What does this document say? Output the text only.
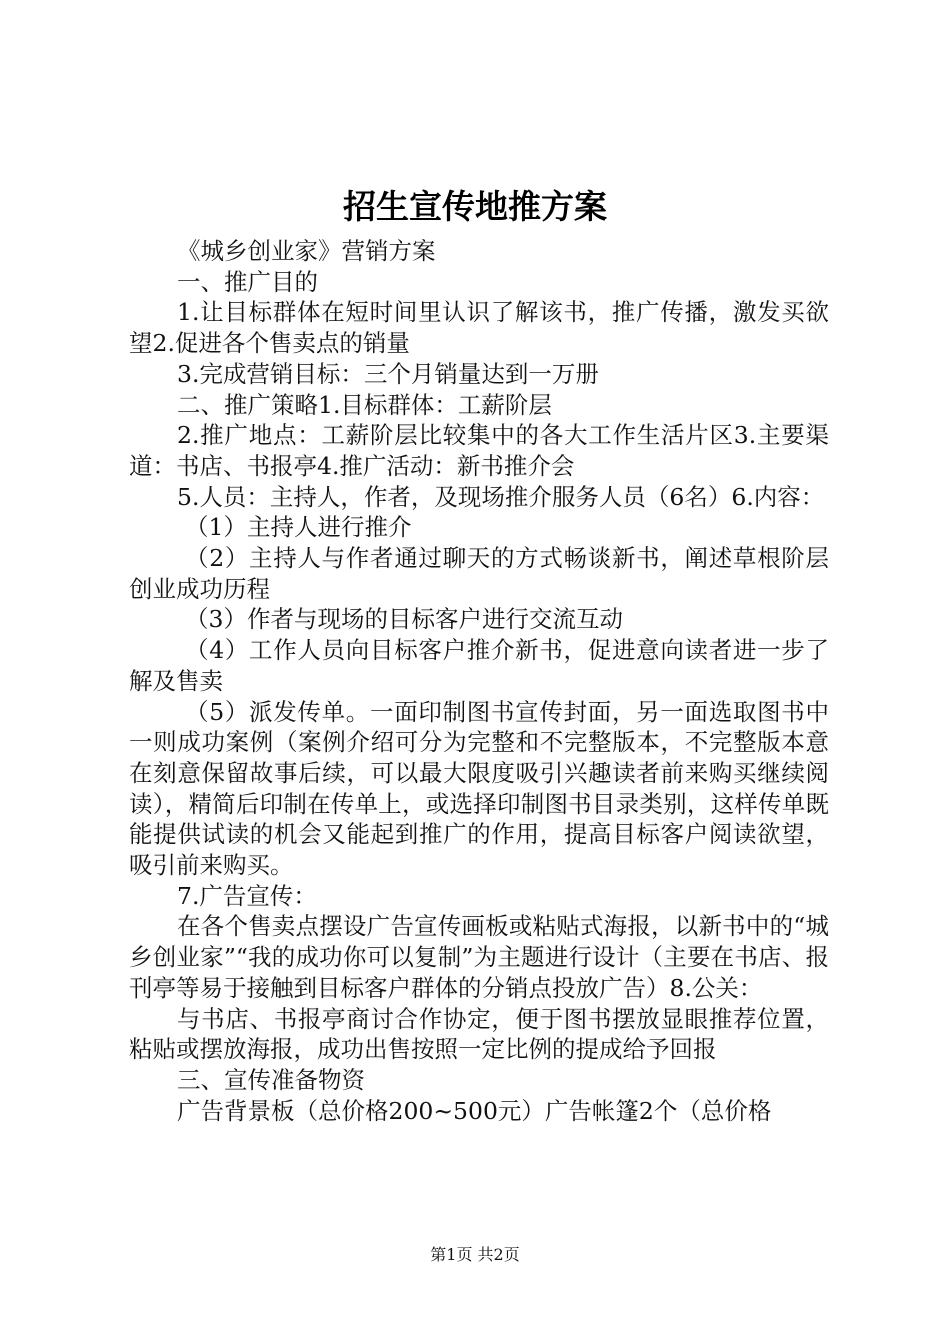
招生宣传地推方案

《城乡创业家》营销方案

一、推广目的

1.让目标群体在短时间里认识了解该书，推广传播，激发买欲望2.促进各个售卖点的销量

3.完成营销目标：三个月销量达到一万册

二、推广策略1.目标群体：工薪阶层

2.推广地点：工薪阶层比较集中的各大工作生活片区3.主要渠道：书店、书报亭4.推广活动：新书推介会

5.人员：主持人，作者，及现场推介服务人员（6名）6.内容：

（1）主持人进行推介

（2）主持人与作者通过聊天的方式畅谈新书，阐述草根阶层创业成功历程

（3）作者与现场的目标客户进行交流互动

（4）工作人员向目标客户推介新书，促进意向读者进一步了解及售卖

（5）派发传单。一面印制图书宣传封面，另一面选取图书中一则成功案例（案例介绍可分为完整和不完整版本，不完整版本意在刻意保留故事后续，可以最大限度吸引兴趣读者前来购买继续阅读），精简后印制在传单上，或选择印制图书目录类别，这样传单既能提供试读的机会又能起到推广的作用，提高目标客户阅读欲望，吸引前来购买。

7.广告宣传：

在各个售卖点摆设广告宣传画板或粘贴式海报，以新书中的“城乡创业家”“我的成功你可以复制”为主题进行设计（主要在书店、报刊亭等易于接触到目标客户群体的分销点投放广告）8.公关：

与书店、书报亭商讨合作协定，便于图书摆放显眼推荐位置，粘贴或摆放海报，成功出售按照一定比例的提成给予回报

三、宣传准备物资

广告背景板（总价格200~500元）广告帐篷2个（总价格

第1页 共2页
